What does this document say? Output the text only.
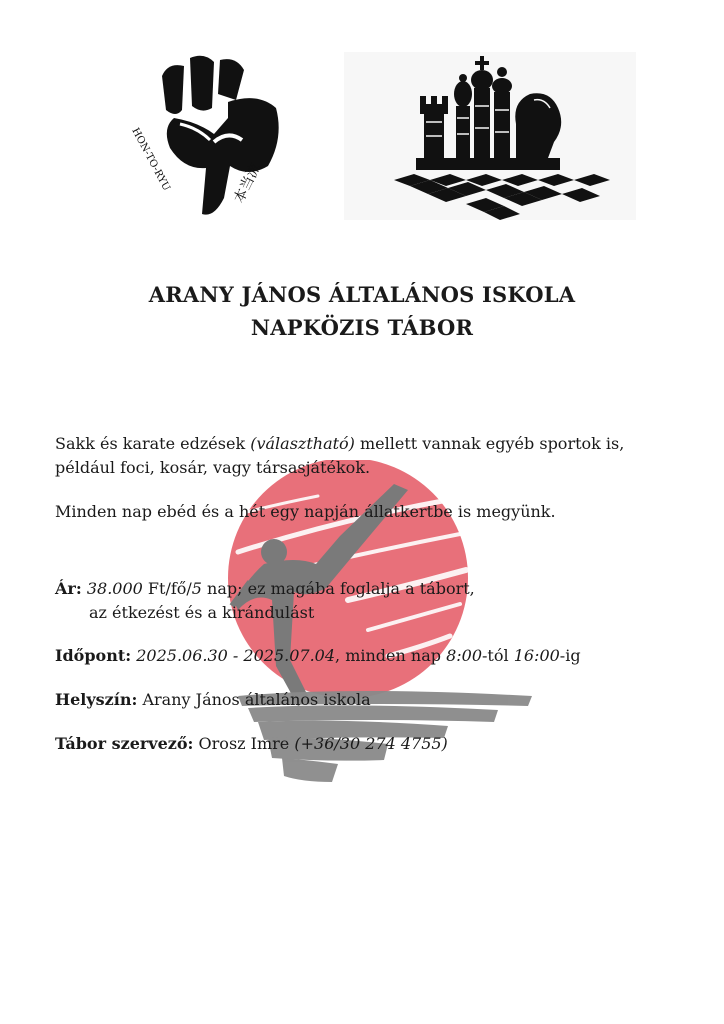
HON-TO-RYU	本当流
ARANY JÁNOS ÁLTALÁNOS ISKOLA
NAPKÖZIS TÁBOR
Sakk és karate edzések (választható) mellett vannak egyéb sportok is, például foci, kosár, vagy társasjátékok.
Minden nap ebéd és a hét egy napján állatkertbe is megyünk.
Ár: 38.000 Ft/fő/5 nap; ez magába foglalja a tábort,
az étkezést és a kirándulást
Időpont: 2025.06.30 - 2025.07.04, minden nap 8:00-tól 16:00-ig
Helyszín: Arany János általános iskola
Tábor szervező: Orosz Imre (+36/30 274 4755)
